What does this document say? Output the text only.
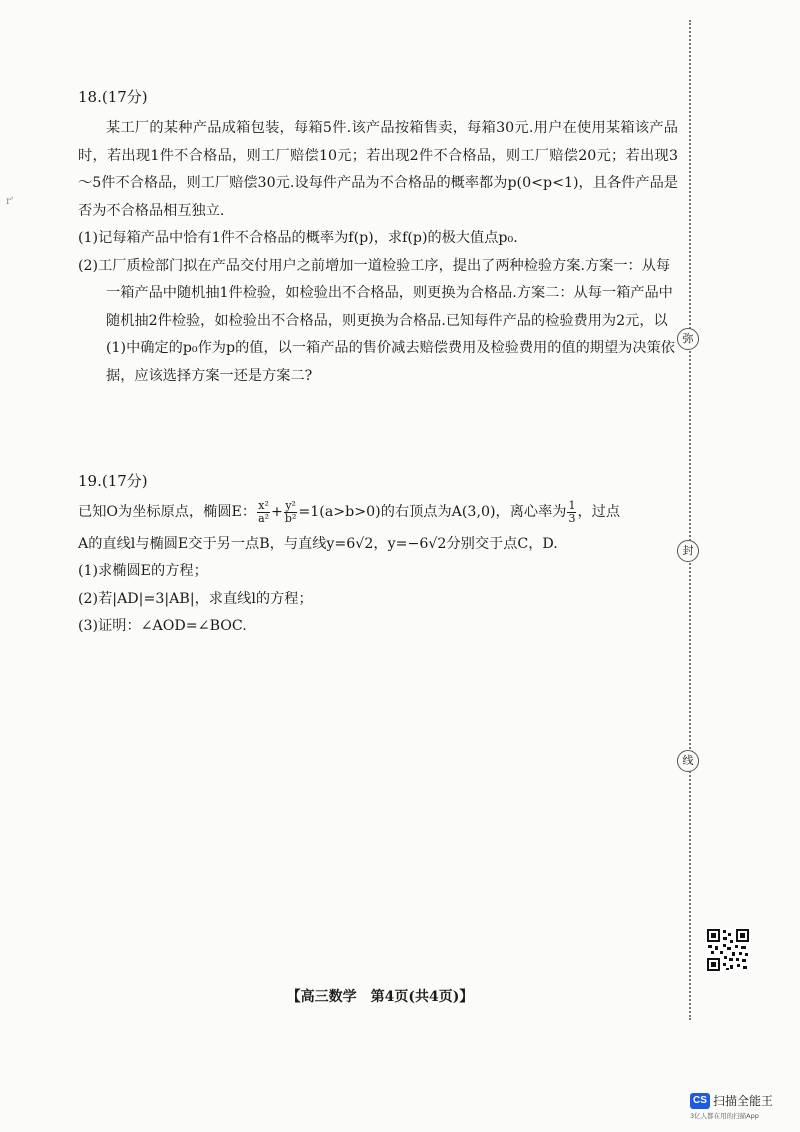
r'

18.(17分)

某工厂的某种产品成箱包装，每箱5件.该产品按箱售卖，每箱30元.用户在使用某箱该产品时，若出现1件不合格品，则工厂赔偿10元；若出现2件不合格品，则工厂赔偿20元；若出现3～5件不合格品，则工厂赔偿30元.设每件产品为不合格品的概率都为p(0<p<1)，且各件产品是否为不合格品相互独立.

(1)记每箱产品中恰有1件不合格品的概率为f(p)，求f(p)的极大值点p₀.

(2)工厂质检部门拟在产品交付用户之前增加一道检验工序，提出了两种检验方案.方案一：从每一箱产品中随机抽1件检验，如检验出不合格品，则更换为合格品.方案二：从每一箱产品中随机抽2件检验，如检验出不合格品，则更换为合格品.已知每件产品的检验费用为2元，以(1)中确定的p₀作为p的值，以一箱产品的售价减去赔偿费用及检验费用的值的期望为决策依据，应该选择方案一还是方案二?

19.(17分)

已知O为坐标原点，椭圆E： $\frac{\text{x²}}{\text{a²}} + \frac{\text{y²}}{\text{b²}} =1(a>b>0)$的右顶点为A(3,0)，离心率为 $\frac{1}{3}$ ，过点

A的直线l与椭圆E交于另一点B，与直线y=6√2，y=−6√2分别交于点C，D.

(1)求椭圆E的方程；

(2)若|AD|=3|AB|，求直线l的方程；

(3)证明：∠AOD=∠BOC.

弥
封
线
【高三数学　第4页(共4页)】
CS 扫描全能王
3亿人都在用的扫描App
